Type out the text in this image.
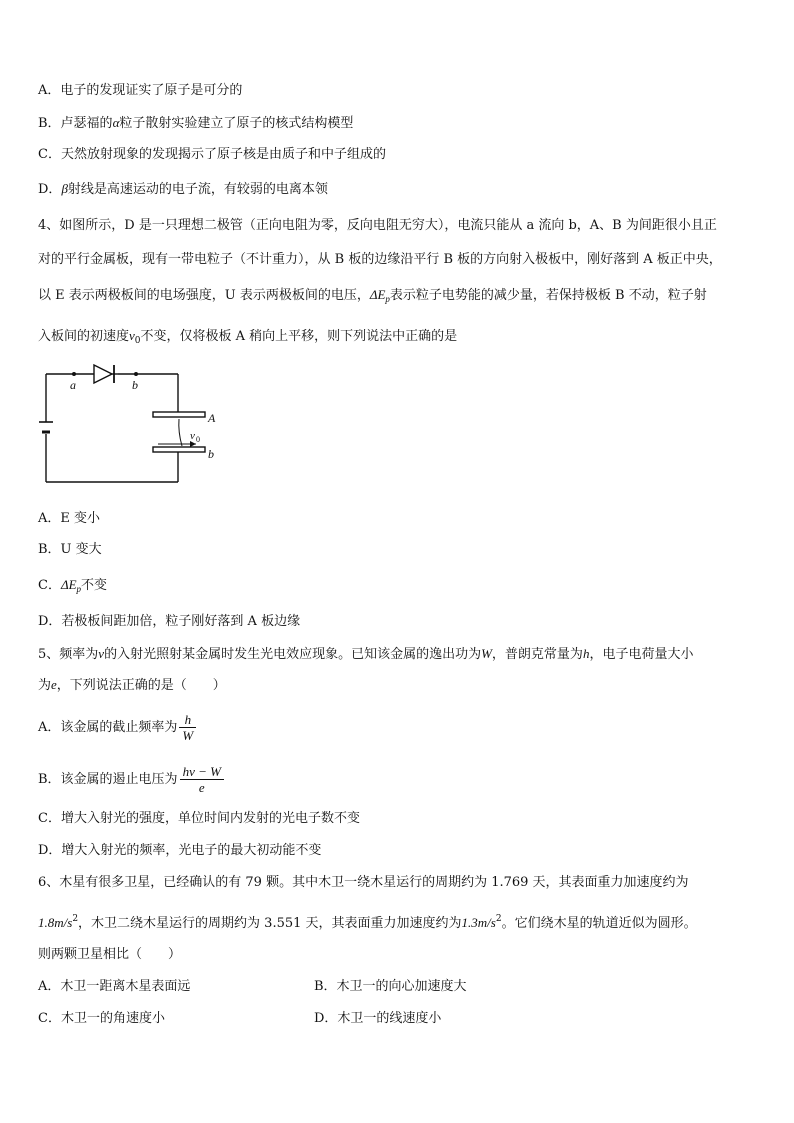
A．电子的发现证实了原子是可分的
B．卢瑟福的α粒子散射实验建立了原子的核式结构模型
C．天然放射现象的发现揭示了原子核是由质子和中子组成的
D．β射线是高速运动的电子流，有较弱的电离本领
4、如图所示，D 是一只理想二极管（正向电阻为零，反向电阻无穷大），电流只能从 a 流向 b，A、B 为间距很小且正
对的平行金属板，现有一带电粒子（不计重力），从 B 板的边缘沿平行 B 板的方向射入极板中，刚好落到 A 板正中央，
以 E 表示两极板间的电场强度，U 表示两极板间的电压，$\Delta E_p$表示粒子电势能的减少量，若保持极板 B 不动，粒子射
入板间的初速度$v_0$不变，仅将极板 A 稍向上平移，则下列说法中正确的是
a	b
A
b
v 0
A．E 变小
B．U 变大
C．$\Delta E_p$不变
D．若极板间距加倍，粒子刚好落到 A 板边缘
5、频率为ν的入射光照射某金属时发生光电效应现象。已知该金属的逸出功为W，普朗克常量为h，电子电荷量大小
为e，下列说法正确的是（　　）
A．该金属的截止频率为 $\frac{h}{W}$
B．该金属的遏止电压为 $\frac{h\nu - W}{e}$
C．增大入射光的强度，单位时间内发射的光电子数不变
D．增大入射光的频率，光电子的最大初动能不变
6、木星有很多卫星，已经确认的有 79 颗。其中木卫一绕木星运行的周期约为 1.769 天，其表面重力加速度约为
$1.8m/s^2$，木卫二绕木星运行的周期约为 3.551 天，其表面重力加速度约为$1.3m/s^2$。它们绕木星的轨道近似为圆形。
则两颗卫星相比（　　）
A．木卫一距离木星表面远	B．木卫一的向心加速度大
C．木卫一的角速度小	D．木卫一的线速度小
